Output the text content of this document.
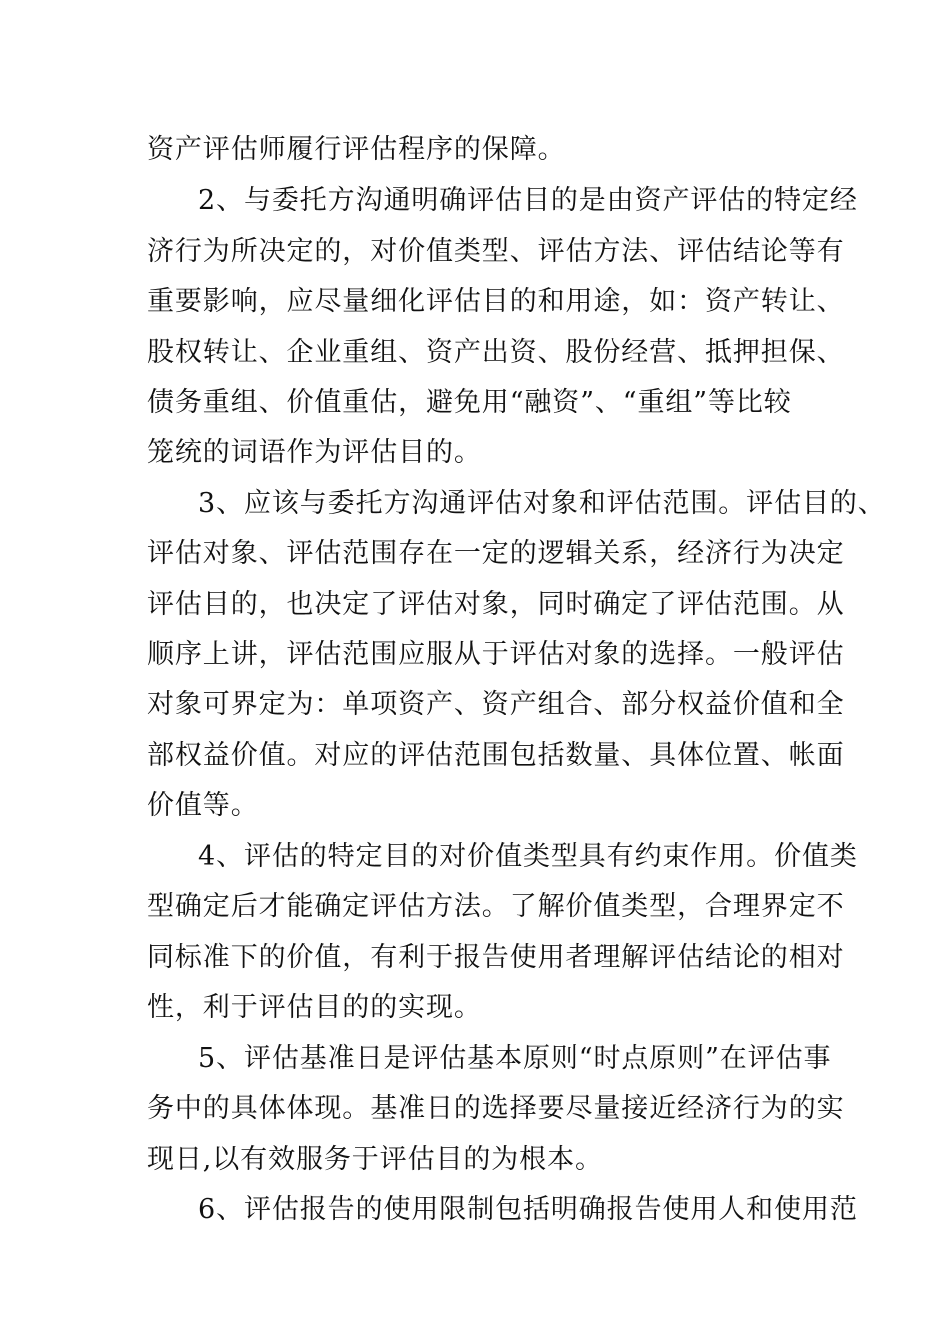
资产评估师履行评估程序的保障。
2、与委托方沟通明确评估目的是由资产评估的特定经
济行为所决定的，对价值类型、评估方法、评估结论等有
重要影响，应尽量细化评估目的和用途，如：资产转让、
股权转让、企业重组、资产出资、股份经营、抵押担保、
债务重组、价值重估，避免用“融资”、“重组”等比较
笼统的词语作为评估目的。
3、应该与委托方沟通评估对象和评估范围。评估目的、
评估对象、评估范围存在一定的逻辑关系，经济行为决定
评估目的，也决定了评估对象，同时确定了评估范围。从
顺序上讲，评估范围应服从于评估对象的选择。一般评估
对象可界定为：单项资产、资产组合、部分权益价值和全
部权益价值。对应的评估范围包括数量、具体位置、帐面
价值等。
4、评估的特定目的对价值类型具有约束作用。价值类
型确定后才能确定评估方法。了解价值类型，合理界定不
同标准下的价值，有利于报告使用者理解评估结论的相对
性，利于评估目的的实现。
5、评估基准日是评估基本原则“时点原则”在评估事
务中的具体体现。基准日的选择要尽量接近经济行为的实
现日,以有效服务于评估目的为根本。
6、评估报告的使用限制包括明确报告使用人和使用范
